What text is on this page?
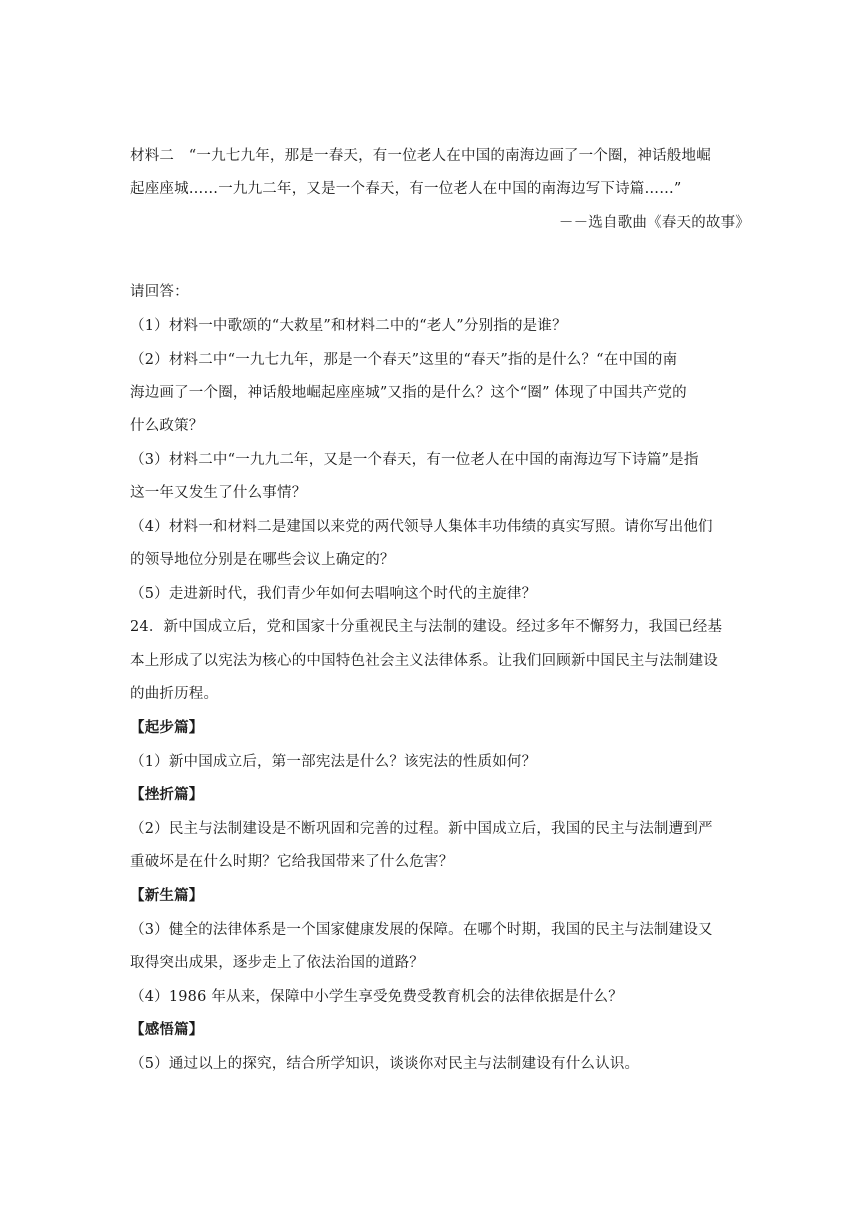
材料二　“一九七九年，那是一春天，有一位老人在中国的南海边画了一个圈，神话般地崛
起座座城……一九九二年，又是一个春天，有一位老人在中国的南海边写下诗篇……”
－－选自歌曲《春天的故事》
请回答：
（1）材料一中歌颂的“大救星”和材料二中的“老人”分别指的是谁？
（2）材料二中“一九七九年，那是一个春天”这里的“春天”指的是什么？“在中国的南
海边画了一个圈，神话般地崛起座座城”又指的是什么？这个“圈” 体现了中国共产党的
什么政策？
（3）材料二中“一九九二年，又是一个春天，有一位老人在中国的南海边写下诗篇”是指
这一年又发生了什么事情？
（4）材料一和材料二是建国以来党的两代领导人集体丰功伟绩的真实写照。请你写出他们
的领导地位分别是在哪些会议上确定的？
（5）走进新时代，我们青少年如何去唱响这个时代的主旋律？
24．新中国成立后，党和国家十分重视民主与法制的建设。经过多年不懈努力，我国已经基
本上形成了以宪法为核心的中国特色社会主义法律体系。让我们回顾新中国民主与法制建设
的曲折历程。
【起步篇】
（1）新中国成立后，第一部宪法是什么？该宪法的性质如何？
【挫折篇】
（2）民主与法制建设是不断巩固和完善的过程。新中国成立后，我国的民主与法制遭到严
重破坏是在什么时期？它给我国带来了什么危害？
【新生篇】
（3）健全的法律体系是一个国家健康发展的保障。在哪个时期，我国的民主与法制建设又
取得突出成果，逐步走上了依法治国的道路？
（4）1986 年从来，保障中小学生享受免费受教育机会的法律依据是什么？
【感悟篇】
（5）通过以上的探究，结合所学知识，谈谈你对民主与法制建设有什么认识。
